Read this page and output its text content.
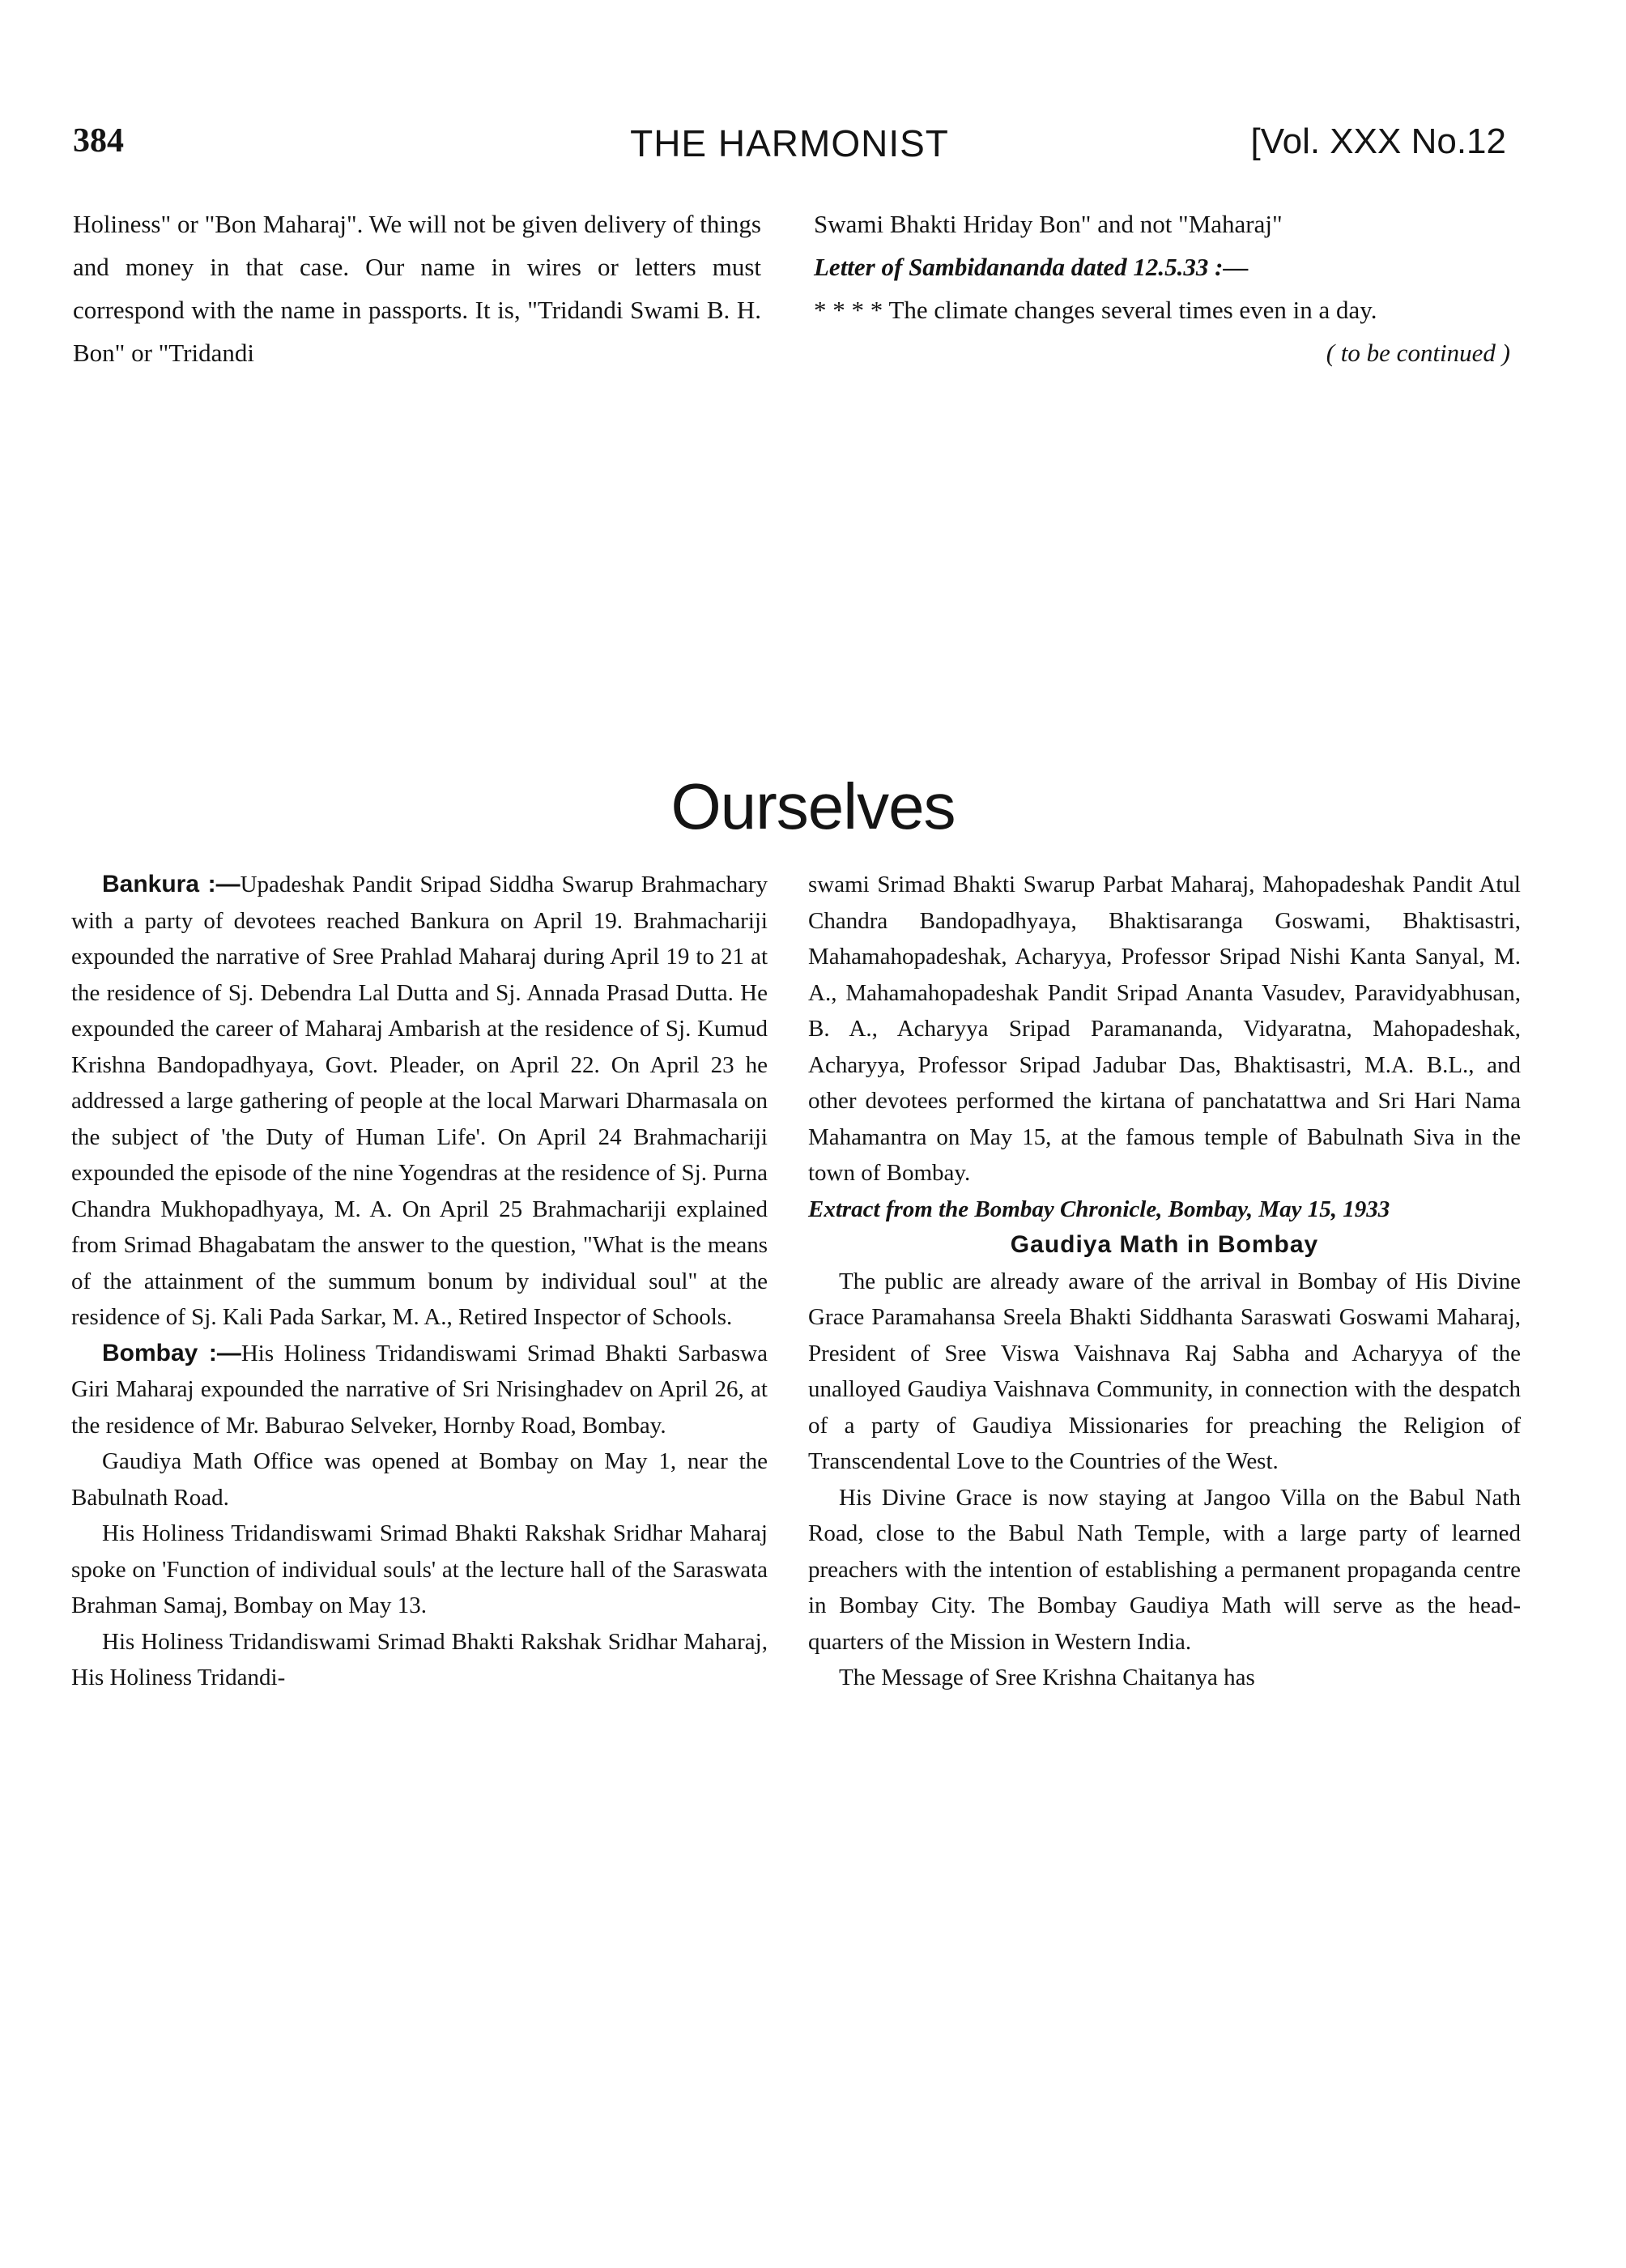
384	THE HARMONIST	[Vol. XXX No.12

Holiness" or "Bon Maharaj". We will not be given delivery of things and money in that case. Our name in wires or letters must correspond with the name in passports. It is, "Tridandi Swami B. H. Bon" or "Tridandi

Swami Bhakti Hriday Bon" and not "Maharaj"

Letter of Sambidananda dated 12.5.33 :—

* * * * The climate changes several times even in a day.

( to be continued )

Ourselves

Bankura :—Upadeshak Pandit Sripad Siddha Swarup Brahmachary with a party of devotees reached Bankura on April 19. Brahmachariji expounded the narrative of Sree Prahlad Maharaj during April 19 to 21 at the residence of Sj. Debendra Lal Dutta and Sj. Annada Prasad Dutta. He expounded the career of Maharaj Ambarish at the residence of Sj. Kumud Krishna Bandopadhyaya, Govt. Pleader, on April 22. On April 23 he addressed a large gathering of people at the local Marwari Dharmasala on the subject of 'the Duty of Human Life'. On April 24 Brahmachariji expounded the episode of the nine Yogendras at the residence of Sj. Purna Chandra Mukhopadhyaya, M. A. On April 25 Brahmachariji explained from Srimad Bhagabatam the answer to the question, "What is the means of the attainment of the summum bonum by individual soul" at the residence of Sj. Kali Pada Sarkar, M. A., Retired Inspector of Schools.

Bombay :—His Holiness Tridandiswami Srimad Bhakti Sarbaswa Giri Maharaj expounded the narrative of Sri Nrisinghadev on April 26, at the residence of Mr. Baburao Selveker, Hornby Road, Bombay.

Gaudiya Math Office was opened at Bombay on May 1, near the Babulnath Road.

His Holiness Tridandiswami Srimad Bhakti Rakshak Sridhar Maharaj spoke on 'Function of individual souls' at the lecture hall of the Saraswata Brahman Samaj, Bombay on May 13.

His Holiness Tridandiswami Srimad Bhakti Rakshak Sridhar Maharaj, His Holiness Tridandi-

swami Srimad Bhakti Swarup Parbat Maharaj, Mahopadeshak Pandit Atul Chandra Bandopadhyaya, Bhaktisaranga Goswami, Bhaktisastri, Mahamahopadeshak, Acharyya, Professor Sripad Nishi Kanta Sanyal, M. A., Mahamahopadeshak Pandit Sripad Ananta Vasudev, Paravidyabhusan, B. A., Acharyya Sripad Paramananda, Vidyaratna, Mahopadeshak, Acharyya, Professor Sripad Jadubar Das, Bhaktisastri, M.A. B.L., and other devotees performed the kirtana of panchatattwa and Sri Hari Nama Mahamantra on May 15, at the famous temple of Babulnath Siva in the town of Bombay.

Extract from the Bombay Chronicle, Bombay, May 15, 1933

Gaudiya Math in Bombay

The public are already aware of the arrival in Bombay of His Divine Grace Paramahansa Sreela Bhakti Siddhanta Saraswati Goswami Maharaj, President of Sree Viswa Vaishnava Raj Sabha and Acharyya of the unalloyed Gaudiya Vaishnava Community, in connection with the despatch of a party of Gaudiya Missionaries for preaching the Religion of Transcendental Love to the Countries of the West.

His Divine Grace is now staying at Jangoo Villa on the Babul Nath Road, close to the Babul Nath Temple, with a large party of learned preachers with the intention of establishing a permanent propaganda centre in Bombay City. The Bombay Gaudiya Math will serve as the head-quarters of the Mission in Western India.

The Message of Sree Krishna Chaitanya has
